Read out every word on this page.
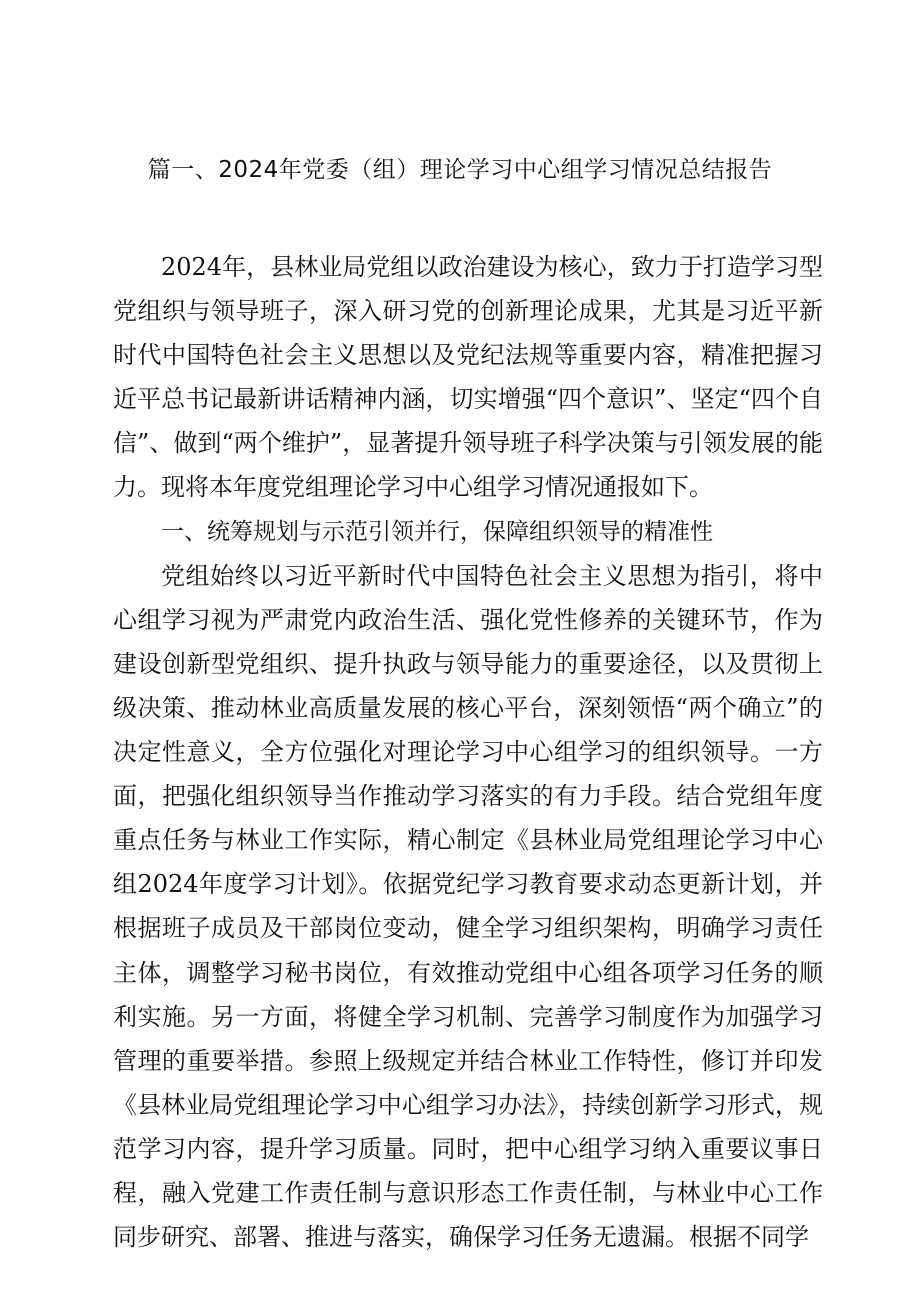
篇一、2024年党委（组）理论学习中心组学习情况总结报告

2024年，县林业局党组以政治建设为核心，致力于打造学习型党组织与领导班子，深入研习党的创新理论成果，尤其是习近平新时代中国特色社会主义思想以及党纪法规等重要内容，精准把握习近平总书记最新讲话精神内涵，切实增强“四个意识”、坚定“四个自信”、做到“两个维护”，显著提升领导班子科学决策与引领发展的能力。现将本年度党组理论学习中心组学习情况通报如下。

一、统筹规划与示范引领并行，保障组织领导的精准性

党组始终以习近平新时代中国特色社会主义思想为指引，将中心组学习视为严肃党内政治生活、强化党性修养的关键环节，作为建设创新型党组织、提升执政与领导能力的重要途径，以及贯彻上级决策、推动林业高质量发展的核心平台，深刻领悟“两个确立”的决定性意义，全方位强化对理论学习中心组学习的组织领导。一方面，把强化组织领导当作推动学习落实的有力手段。结合党组年度重点任务与林业工作实际，精心制定《县林业局党组理论学习中心组2024年度学习计划》。依据党纪学习教育要求动态更新计划，并根据班子成员及干部岗位变动，健全学习组织架构，明确学习责任主体，调整学习秘书岗位，有效推动党组中心组各项学习任务的顺利实施。另一方面，将健全学习机制、完善学习制度作为加强学习管理的重要举措。参照上级规定并结合林业工作特性，修订并印发《县林业局党组理论学习中心组学习办法》，持续创新学习形式，规范学习内容，提升学习质量。同时，把中心组学习纳入重要议事日程，融入党建工作责任制与意识形态工作责任制，与林业中心工作同步研究、部署、推进与落实，确保学习任务无遗漏。根据不同学
